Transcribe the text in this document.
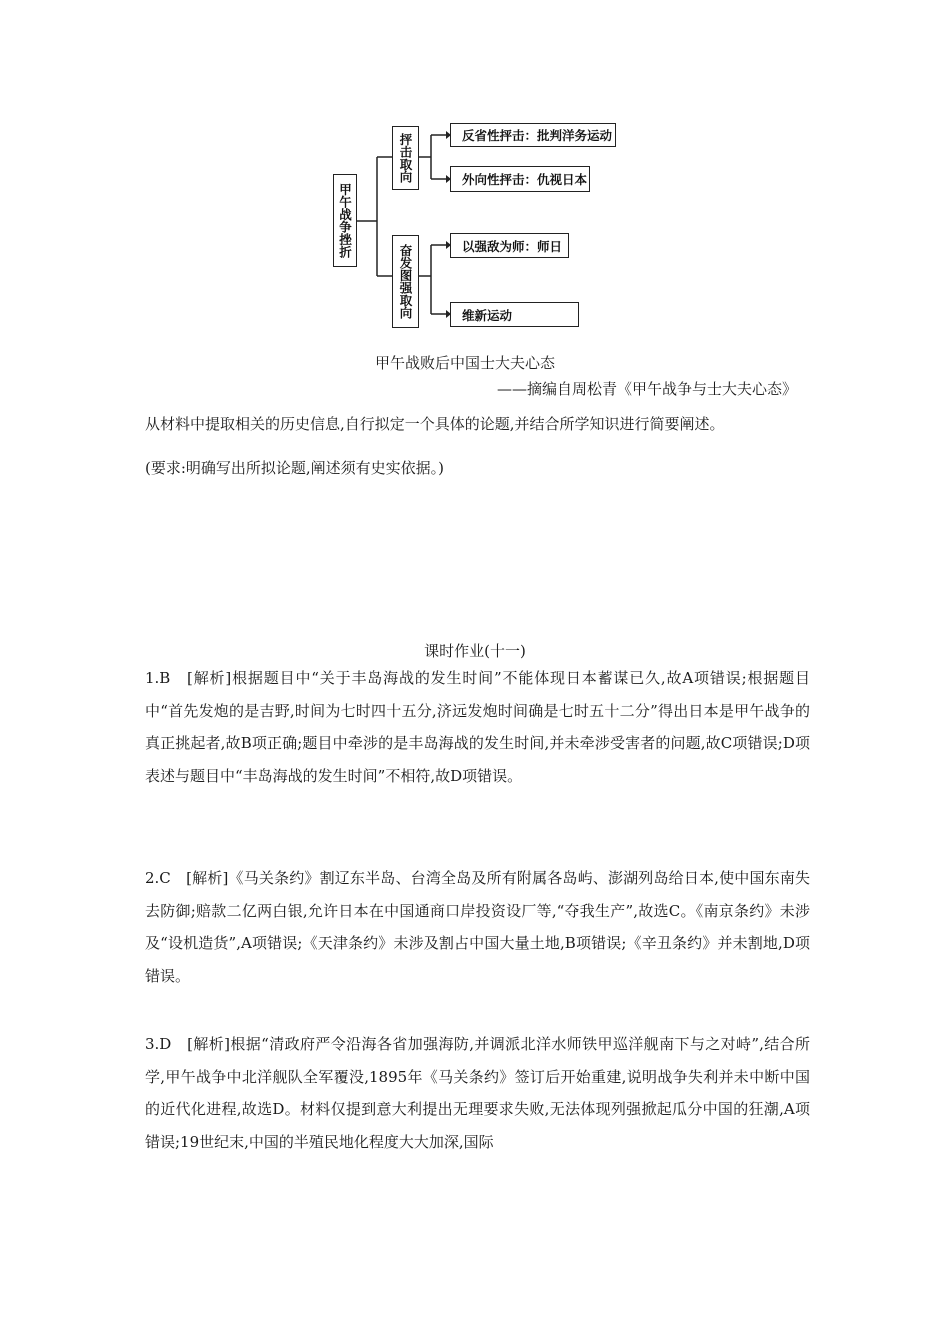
甲午战争挫折
抨击取向
奋发图强取向
反省性抨击：批判洋务运动
外向性抨击：仇视日本
以强敌为师：师日
维新运动
甲午战败后中国士大夫心态
——摘编自周松青《甲午战争与士大夫心态》

从材料中提取相关的历史信息,自行拟定一个具体的论题,并结合所学知识进行简要阐述。

(要求:明确写出所拟论题,阐述须有史实依据。)

课时作业(十一)

1.B　[解析]根据题目中“关于丰岛海战的发生时间”不能体现日本蓄谋已久,故A项错误;根据题目中“首先发炮的是吉野,时间为七时四十五分,济远发炮时间确是七时五十二分”得出日本是甲午战争的真正挑起者,故B项正确;题目中牵涉的是丰岛海战的发生时间,并未牵涉受害者的问题,故C项错误;D项表述与题目中“丰岛海战的发生时间”不相符,故D项错误。

2.C　[解析]《马关条约》割辽东半岛、台湾全岛及所有附属各岛屿、澎湖列岛给日本,使中国东南失去防御;赔款二亿两白银,允许日本在中国通商口岸投资设厂等,“夺我生产”,故选C。《南京条约》未涉及“设机造货”,A项错误;《天津条约》未涉及割占中国大量土地,B项错误;《辛丑条约》并未割地,D项错误。

3.D　[解析]根据“清政府严令沿海各省加强海防,并调派北洋水师铁甲巡洋舰南下与之对峙”,结合所学,甲午战争中北洋舰队全军覆没,1895年《马关条约》签订后开始重建,说明战争失利并未中断中国的近代化进程,故选D。材料仅提到意大利提出无理要求失败,无法体现列强掀起瓜分中国的狂潮,A项错误;19世纪末,中国的半殖民地化程度大大加深,国际
